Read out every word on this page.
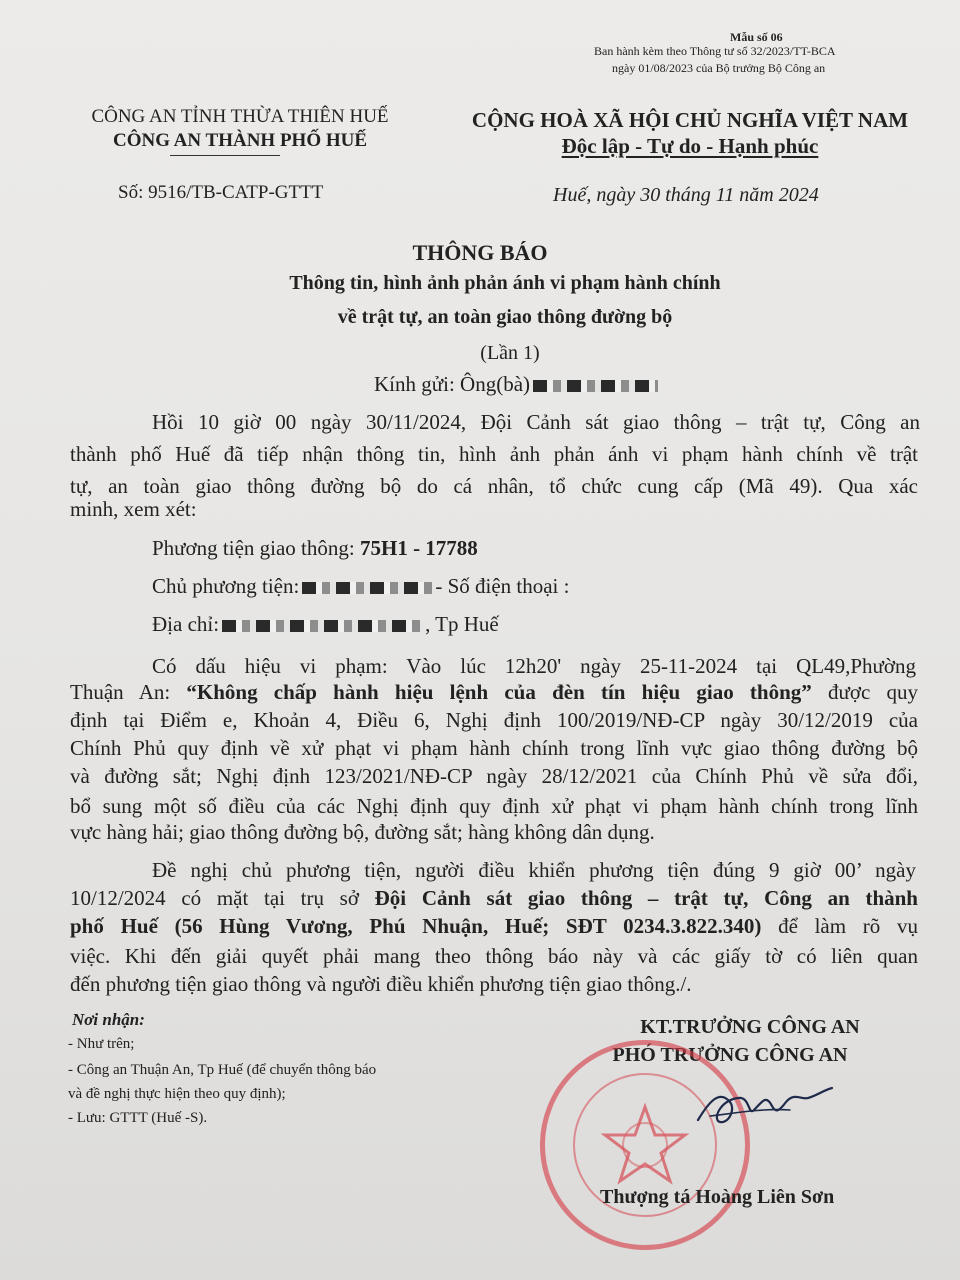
Mẫu số 06
Ban hành kèm theo Thông tư số 32/2023/TT-BCA
ngày 01/08/2023 của Bộ trưởng Bộ Công an
CÔNG AN TỈNH THỪA THIÊN HUẾ
CÔNG AN THÀNH PHỐ HUẾ
Số: 9516/TB-CATP-GTTT
CỘNG HOÀ XÃ HỘI CHỦ NGHĨA VIỆT NAM
Độc lập - Tự do - Hạnh phúc
Huế, ngày 30 tháng 11 năm 2024
THÔNG BÁO
Thông tin, hình ảnh phản ánh vi phạm hành chính
về trật tự, an toàn giao thông đường bộ
(Lần 1)
Kính gửi: Ông(bà)
Hồi 10 giờ 00 ngày 30/11/2024, Đội Cảnh sát giao thông – trật tự, Công an
thành phố Huế đã tiếp nhận thông tin, hình ảnh phản ánh vi phạm hành chính về trật
tự, an toàn giao thông đường bộ do cá nhân, tổ chức cung cấp (Mã 49). Qua xác
minh, xem xét:
Phương tiện giao thông: 75H1 - 17788
Chủ phương tiện:	- Số điện thoại :
Địa chỉ:	, Tp Huế
Có dấu hiệu vi phạm: Vào lúc 12h20' ngày 25-11-2024 tại QL49,Phường
Thuận An: “Không chấp hành hiệu lệnh của đèn tín hiệu giao thông” được quy
định tại Điểm e, Khoản 4, Điều 6, Nghị định 100/2019/NĐ-CP ngày 30/12/2019 của
Chính Phủ quy định về xử phạt vi phạm hành chính trong lĩnh vực giao thông đường bộ
và đường sắt; Nghị định 123/2021/NĐ-CP ngày 28/12/2021 của Chính Phủ về sửa đổi,
bổ sung một số điều của các Nghị định quy định xử phạt vi phạm hành chính trong lĩnh
vực hàng hải; giao thông đường bộ, đường sắt; hàng không dân dụng.
Đề nghị chủ phương tiện, người điều khiển phương tiện đúng 9 giờ 00’ ngày
10/12/2024 có mặt tại trụ sở Đội Cảnh sát giao thông – trật tự, Công an thành
phố Huế (56 Hùng Vương, Phú Nhuận, Huế; SĐT 0234.3.822.340) để làm rõ vụ
việc. Khi đến giải quyết phải mang theo thông báo này và các giấy tờ có liên quan
đến phương tiện giao thông và người điều khiển phương tiện giao thông./.
Nơi nhận:
- Như trên;
- Công an Thuận An, Tp Huế (để chuyển thông báo
và đề nghị thực hiện theo quy định);
- Lưu: GTTT (Huế -S).
KT.TRƯỞNG CÔNG AN
PHÓ TRƯỞNG CÔNG AN
Thượng tá Hoàng Liên Sơn
